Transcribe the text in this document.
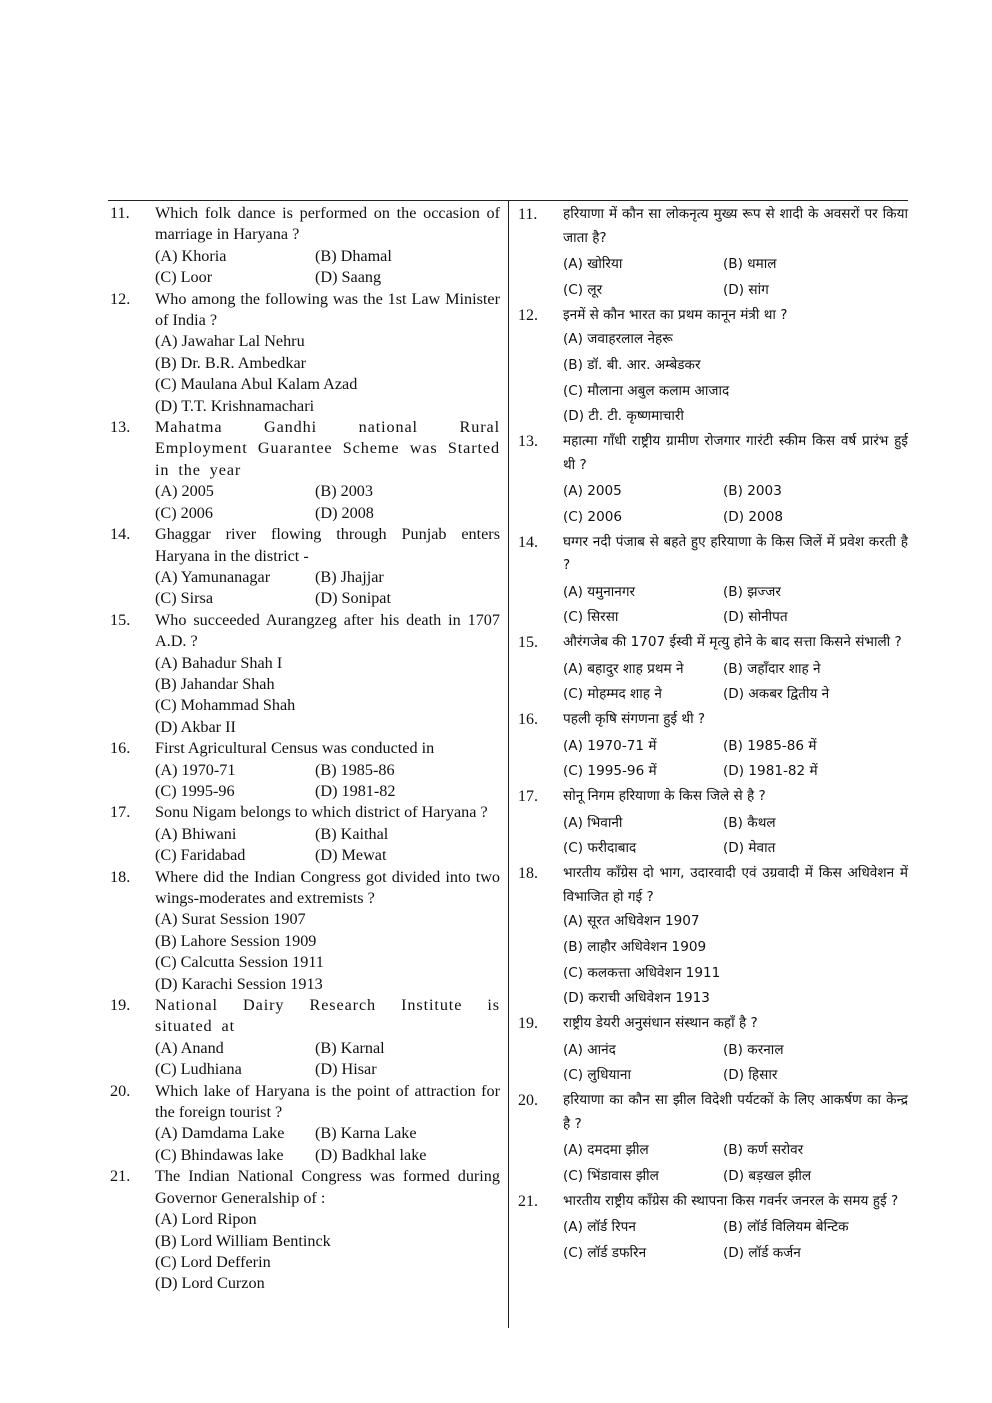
11. Which folk dance is performed on the occasion of marriage in Haryana ?
(A) Khoria	(B) Dhamal
(C) Loor	(D) Saang
12. Who among the following was the 1st Law Minister of India ?
(A) Jawahar Lal Nehru
(B) Dr. B.R. Ambedkar
(C) Maulana Abul Kalam Azad
(D) T.T. Krishnamachari
13. Mahatma Gandhi national Rural Employment Guarantee Scheme was Started in the year
(A) 2005	(B) 2003
(C) 2006	(D) 2008
14. Ghaggar river flowing through Punjab enters Haryana in the district -
(A) Yamunanagar	(B) Jhajjar
(C) Sirsa	(D) Sonipat
15. Who succeeded Aurangzeg after his death in 1707 A.D. ?
(A) Bahadur Shah I
(B) Jahandar Shah
(C) Mohammad Shah
(D) Akbar II
16. First Agricultural Census was conducted in
(A) 1970-71	(B) 1985-86
(C) 1995-96	(D) 1981-82
17. Sonu Nigam belongs to which district of Haryana ?
(A) Bhiwani	(B) Kaithal
(C) Faridabad	(D) Mewat
18. Where did the Indian Congress got divided into two wings-moderates and extremists ?
(A) Surat Session 1907
(B) Lahore Session 1909
(C) Calcutta Session 1911
(D) Karachi Session 1913
19. National Dairy Research Institute is situated at
(A) Anand	(B) Karnal
(C) Ludhiana	(D) Hisar
20. Which lake of Haryana is the point of attraction for the foreign tourist ?
(A) Damdama Lake	(B) Karna Lake
(C) Bhindawas lake	(D) Badkhal lake
21. The Indian National Congress was formed during Governor Generalship of :
(A) Lord Ripon
(B) Lord William Bentinck
(C) Lord Defferin
(D) Lord Curzon
11. हरियाणा में कौन सा लोकनृत्य मुख्य रूप से शादी के अवसरों पर किया जाता है?
(A) खोरिया	(B) धमाल
(C) लूर	(D) सांग
12. इनमें से कौन भारत का प्रथम कानून मंत्री था ?
(A) जवाहरलाल नेहरू
(B) डॉ. बी. आर. अम्बेडकर
(C) मौलाना अबुल कलाम आजाद
(D) टी. टी. कृष्णमाचारी
13. महात्मा गाँधी राष्ट्रीय ग्रामीण रोजगार गारंटी स्कीम किस वर्ष प्रारंभ हुई थी ?
(A) 2005	(B) 2003
(C) 2006	(D) 2008
14. घग्गर नदी पंजाब से बहते हुए हरियाणा के किस जिलें में प्रवेश करती है ?
(A) यमुनानगर	(B) झज्जर
(C) सिरसा	(D) सोनीपत
15. औरंगजेब की 1707 ईस्वी में मृत्यु होने के बाद सत्ता किसने संभाली ?
(A) बहादुर शाह प्रथम ने	(B) जहाँदार शाह ने
(C) मोहम्मद शाह ने	(D) अकबर द्वितीय ने
16. पहली कृषि संगणना हुई थी ?
(A) 1970-71 में	(B) 1985-86 में
(C) 1995-96 में	(D) 1981-82 में
17. सोनू निगम हरियाणा के किस जिले से है ?
(A) भिवानी	(B) कैथल
(C) फरीदाबाद	(D) मेवात
18. भारतीय कॉंग्रेस दो भाग, उदारवादी एवं उग्रवादी में किस अधिवेशन में विभाजित हो गई ?
(A) सूरत अधिवेशन 1907
(B) लाहौर अधिवेशन 1909
(C) कलकत्ता अधिवेशन 1911
(D) कराची अधिवेशन 1913
19. राष्ट्रीय डेयरी अनुसंधान संस्थान कहाँ है ?
(A) आनंद	(B) करनाल
(C) लुधियाना	(D) हिसार
20. हरियाणा का कौन सा झील विदेशी पर्यटकों के लिए आकर्षण का केन्द्र है ?
(A) दमदमा झील	(B) कर्ण सरोवर
(C) भिंडावास झील	(D) बड़खल झील
21. भारतीय राष्ट्रीय कॉंग्रेस की स्थापना किस गवर्नर जनरल के समय हुई ?
(A) लॉर्ड रिपन	(B) लॉर्ड विलियम बेन्टिक
(C) लॉर्ड डफरिन	(D) लॉर्ड कर्जन
